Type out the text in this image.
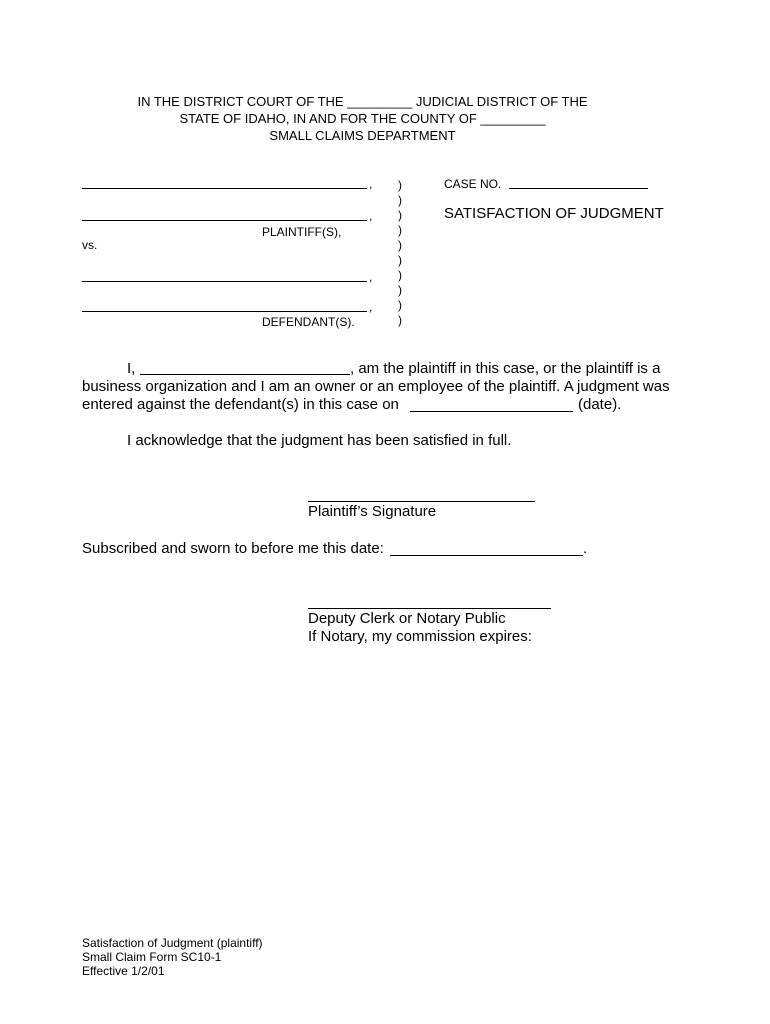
IN THE DISTRICT COURT OF THE _________ JUDICIAL DISTRICT OF THE
STATE OF IDAHO, IN AND FOR THE COUNTY OF _________
SMALL CLAIMS DEPARTMENT
,
,
PLAINTIFF(S),
vs.
,
,
DEFENDANT(S).
)
)
)
)
)
)
)
)
)
)
CASE NO.
SATISFACTION OF JUDGMENT
I,	, am the plaintiff in this case, or the plaintiff is a
business organization and I am an owner or an employee of the plaintiff. A judgment was
entered against the defendant(s) in this case on	(date).
I acknowledge that the judgment has been satisfied in full.
Plaintiff’s Signature
Subscribed and sworn to before me this date:	.
Deputy Clerk or Notary Public
If Notary, my commission expires:
Satisfaction of Judgment (plaintiff)
Small Claim Form SC10-1
Effective 1/2/01
